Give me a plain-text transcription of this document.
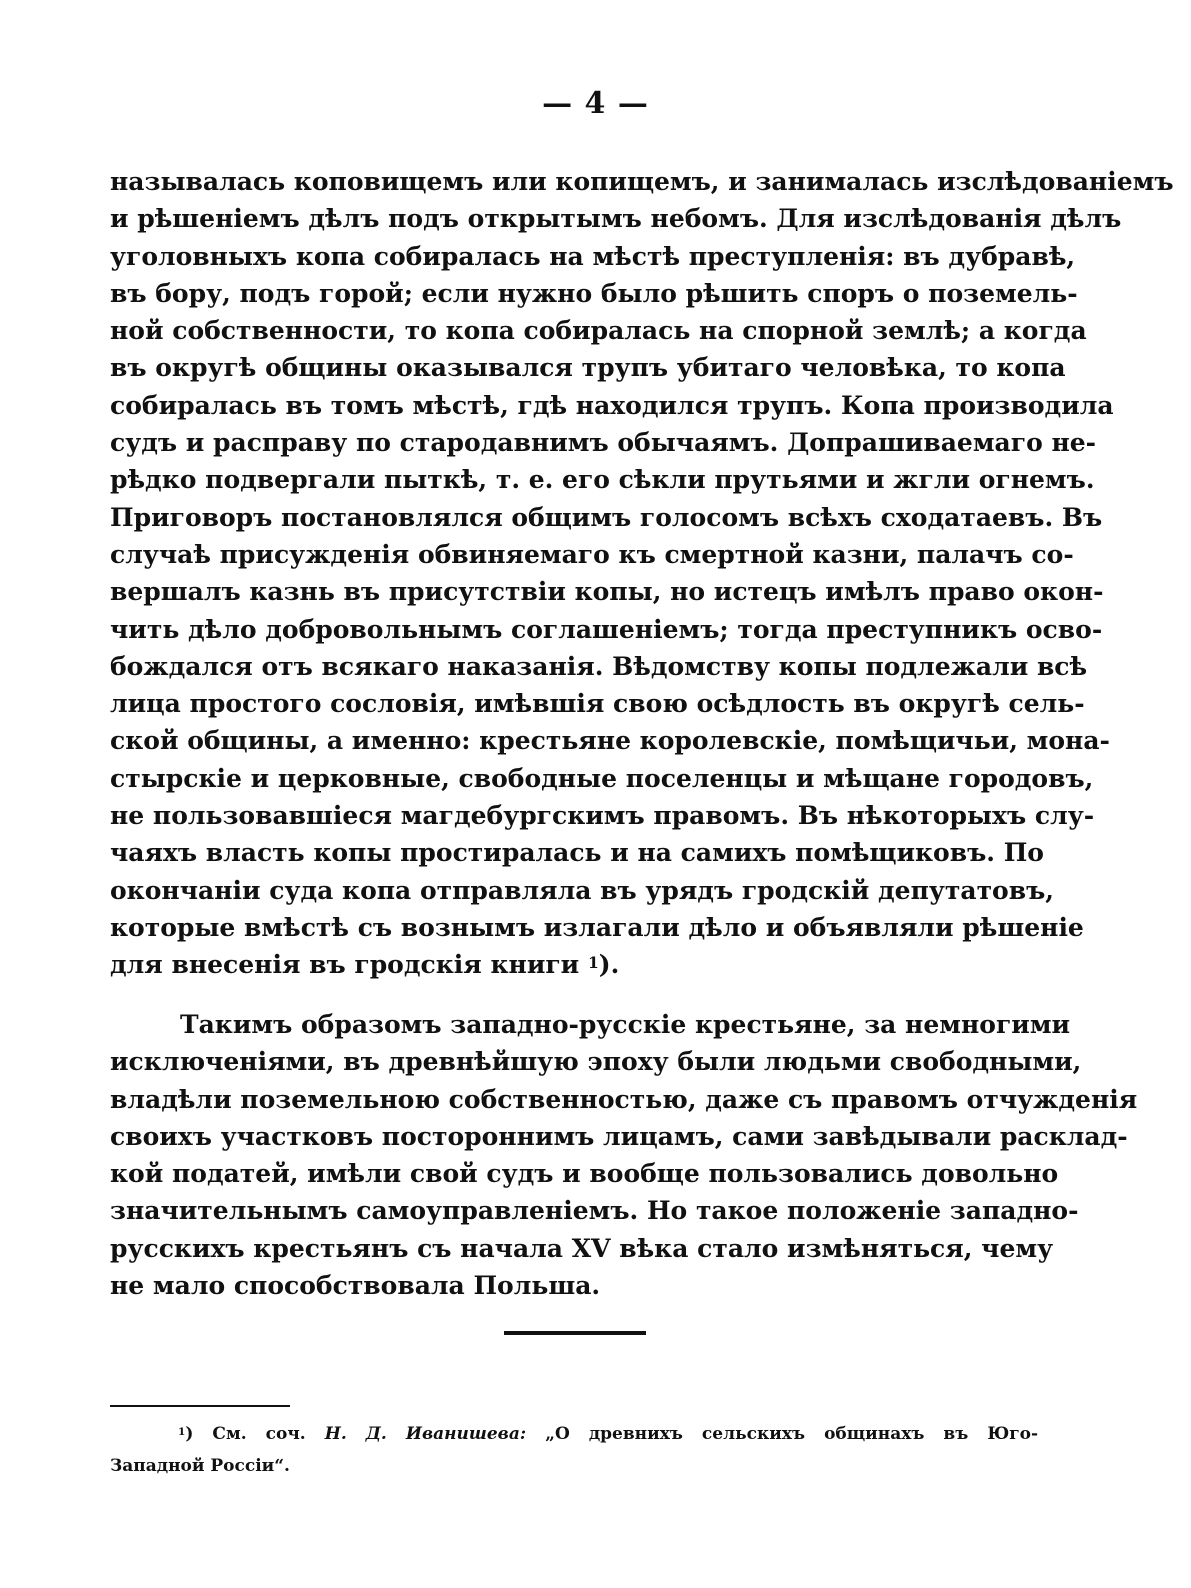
— 4 —
называлась коповищемъ или копищемъ, и занималась изслѣдованіемъ
и рѣшеніемъ дѣлъ подъ открытымъ небомъ. Для изслѣдованія дѣлъ
уголовныхъ копа собиралась на мѣстѣ преступленія: въ дубравѣ,
въ бору, подъ горой; если нужно было рѣшить споръ о поземель-
ной собственности, то копа собиралась на спорной землѣ; а когда
въ округѣ общины оказывался трупъ убитаго человѣка, то копа
собиралась въ томъ мѣстѣ, гдѣ находился трупъ. Копа производила
судъ и расправу по стародавнимъ обычаямъ. Допрашиваемаго не-
рѣдко подвергали пыткѣ, т. е. его сѣкли прутьями и жгли огнемъ.
Приговоръ постановлялся общимъ голосомъ всѣхъ сходатаевъ. Въ
случаѣ присужденія обвиняемаго къ смертной казни, палачъ со-
вершалъ казнь въ присутствіи копы, но истецъ имѣлъ право окон-
чить дѣло добровольнымъ соглашеніемъ; тогда преступникъ осво-
бождался отъ всякаго наказанія. Вѣдомству копы подлежали всѣ
лица простого сословія, имѣвшія свою осѣдлость въ округѣ сель-
ской общины, а именно: крестьяне королевскіе, помѣщичьи, мона-
стырскіе и церковные, свободные поселенцы и мѣщане городовъ,
не пользовавшіеся магдебургскимъ правомъ. Въ нѣкоторыхъ слу-
чаяхъ власть копы простиралась и на самихъ помѣщиковъ. По
окончаніи суда копа отправляла въ урядъ гродскій депутатовъ,
которые вмѣстѣ съ вознымъ излагали дѣло и объявляли рѣшеніе
для внесенія въ гродскія книги $^1$).
Такимъ образомъ западно-русскіе крестьяне, за немногими
исключеніями, въ древнѣйшую эпоху были людьми свободными,
владѣли поземельною собственностью, даже съ правомъ отчужденія
своихъ участковъ постороннимъ лицамъ, сами завѣдывали расклад-
кой податей, имѣли свой судъ и вообще пользовались довольно
значительнымъ самоуправленіемъ. Но такое положеніе западно-
русскихъ крестьянъ съ начала XV вѣка стало измѣняться, чему
не мало способствовала Польша.
$^1$) См. соч. Н. Д. Иванишева: „О древнихъ сельскихъ общинахъ въ Юго-
Западной Россіи“.
